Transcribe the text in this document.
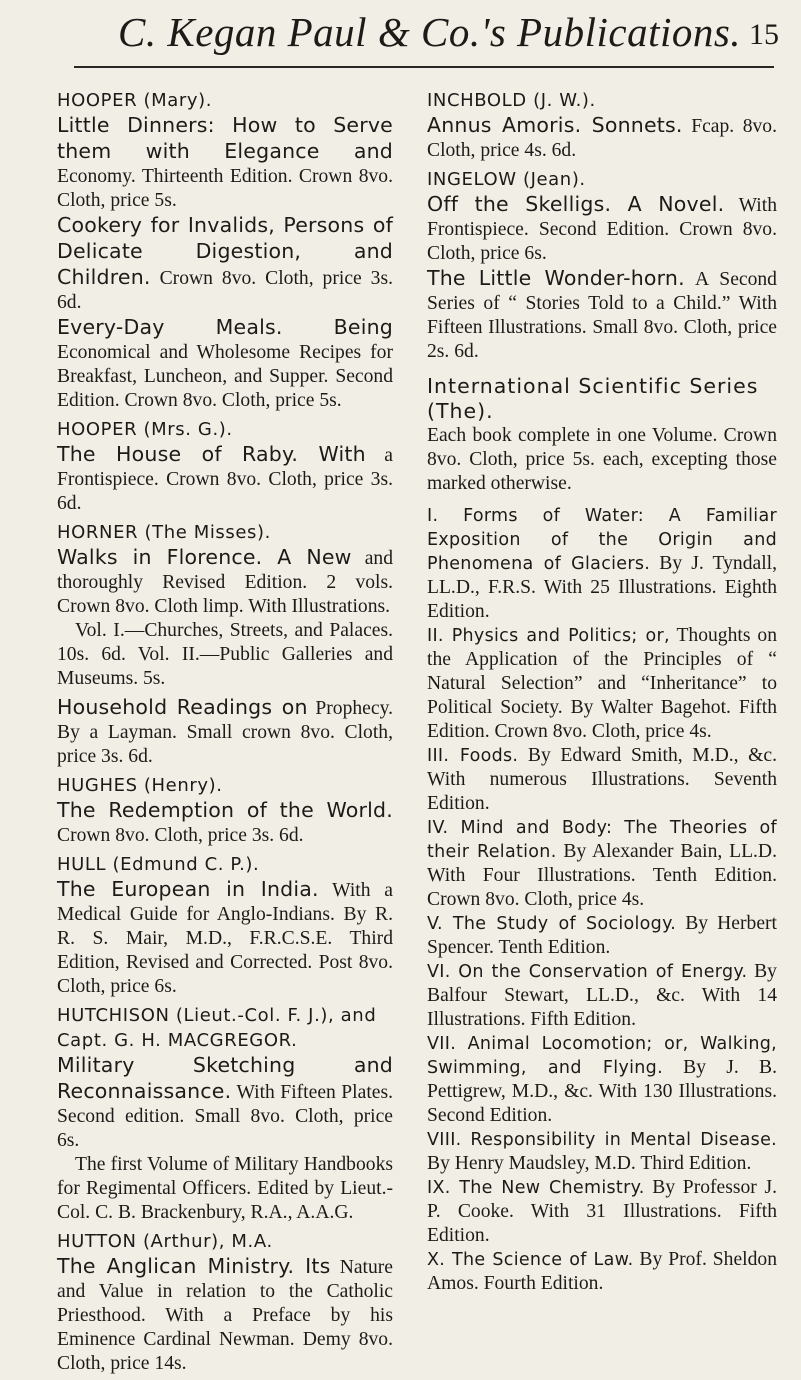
C. Kegan Paul & Co.'s Publications. 15
HOOPER (Mary).

Little Dinners: How to Serve them with Elegance and Economy. Thirteenth Edition. Crown 8vo. Cloth, price 5s.

Cookery for Invalids, Persons of Delicate Digestion, and Children. Crown 8vo. Cloth, price 3s. 6d.

Every-Day Meals. Being Economical and Wholesome Recipes for Breakfast, Luncheon, and Supper. Second Edition. Crown 8vo. Cloth, price 5s.

HOOPER (Mrs. G.).

The House of Raby. With a Frontispiece. Crown 8vo. Cloth, price 3s. 6d.

HORNER (The Misses).

Walks in Florence. A New and thoroughly Revised Edition. 2 vols. Crown 8vo. Cloth limp. With Illustrations.

Vol. I.—Churches, Streets, and Palaces. 10s. 6d. Vol. II.—Public Galleries and Museums. 5s.

Household Readings on Prophecy. By a Layman. Small crown 8vo. Cloth, price 3s. 6d.

HUGHES (Henry).

The Redemption of the World. Crown 8vo. Cloth, price 3s. 6d.

HULL (Edmund C. P.).

The European in India. With a Medical Guide for Anglo-Indians. By R. R. S. Mair, M.D., F.R.C.S.E. Third Edition, Revised and Corrected. Post 8vo. Cloth, price 6s.

HUTCHISON (Lieut.-Col. F. J.), and Capt. G. H. MACGREGOR.

Military Sketching and Reconnaissance. With Fifteen Plates. Second edition. Small 8vo. Cloth, price 6s.

The first Volume of Military Handbooks for Regimental Officers. Edited by Lieut.-Col. C. B. Brackenbury, R.A., A.A.G.

HUTTON (Arthur), M.A.

The Anglican Ministry. Its Nature and Value in relation to the Catholic Priesthood. With a Preface by his Eminence Cardinal Newman. Demy 8vo. Cloth, price 14s.

INCHBOLD (J. W.).

Annus Amoris. Sonnets. Fcap. 8vo. Cloth, price 4s. 6d.

INGELOW (Jean).

Off the Skelligs. A Novel. With Frontispiece. Second Edition. Crown 8vo. Cloth, price 6s.

The Little Wonder-horn. A Second Series of “ Stories Told to a Child.” With Fifteen Illustrations. Small 8vo. Cloth, price 2s. 6d.

International Scientific Series (The).
Each book complete in one Volume. Crown 8vo. Cloth, price 5s. each, excepting those marked otherwise.

I. Forms of Water: A Familiar Exposition of the Origin and Phenomena of Glaciers. By J. Tyndall, LL.D., F.R.S. With 25 Illustrations. Eighth Edition.

II. Physics and Politics; or, Thoughts on the Application of the Principles of “ Natural Selection” and “Inheritance” to Political Society. By Walter Bagehot. Fifth Edition. Crown 8vo. Cloth, price 4s.

III. Foods. By Edward Smith, M.D., &c. With numerous Illustrations. Seventh Edition.

IV. Mind and Body: The Theories of their Relation. By Alexander Bain, LL.D. With Four Illustrations. Tenth Edition. Crown 8vo. Cloth, price 4s.

V. The Study of Sociology. By Herbert Spencer. Tenth Edition.

VI. On the Conservation of Energy. By Balfour Stewart, LL.D., &c. With 14 Illustrations. Fifth Edition.

VII. Animal Locomotion; or, Walking, Swimming, and Flying. By J. B. Pettigrew, M.D., &c. With 130 Illustrations. Second Edition.

VIII. Responsibility in Mental Disease. By Henry Maudsley, M.D. Third Edition.

IX. The New Chemistry. By Professor J. P. Cooke. With 31 Illustrations. Fifth Edition.

X. The Science of Law. By Prof. Sheldon Amos. Fourth Edition.
